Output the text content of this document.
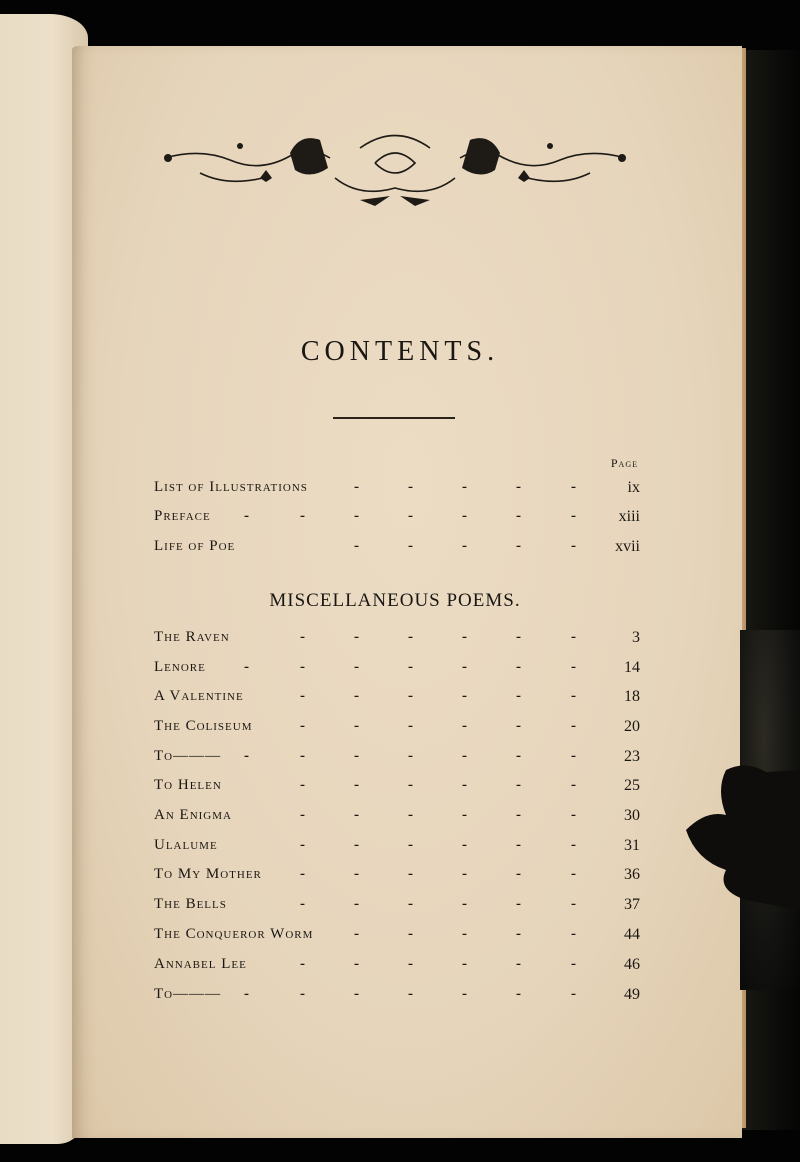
CONTENTS.
Page
List of Illustrations	-	-	-	-	-	ix
Preface -	-	-	-	-	-	-	xiii
Life of Poe	-	-	-	-	- xvii
MISCELLANEOUS POEMS.
The Raven	-	-	-	-	-	-	3
Lenore	-	-	-	-	-	-	-	14
A Valentine	-	-	-	-	-	-	18
The Coliseum	-	-	-	-	-	-	20
To——— -	-	-	-	-	-	-	23
To Helen	-	-	-	-	-	-	25
An Enigma	-	-	-	-	-	-	30
Ulalume	-	-	-	-	-	-	31
To My Mother	-	-	-	-	-	-	36
The Bells	-	-	-	-	-	-	37
The Conqueror Worm	-	-	-	-	-	44
Annabel Lee	-	-	-	-	-	-	46
To——— -	-	-	-	-	-	-	49
